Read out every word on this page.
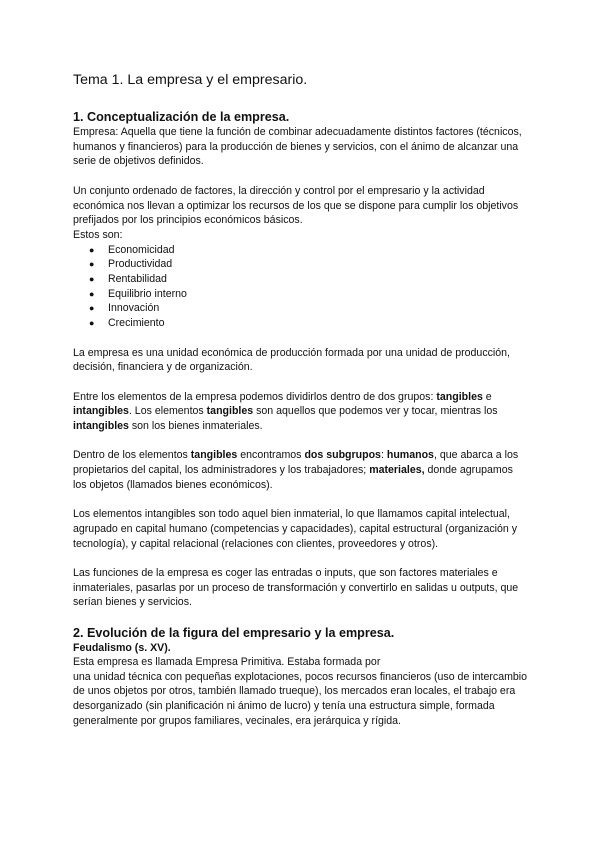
Tema 1. La empresa y el empresario.
1. Conceptualización de la empresa.

Empresa: Aquella que tiene la función de combinar adecuadamente distintos factores (técnicos, humanos y financieros) para la producción de bienes y servicios, con el ánimo de alcanzar una serie de objetivos definidos.

Un conjunto ordenado de factores, la dirección y control por el empresario y la actividad económica nos llevan a optimizar los recursos de los que se dispone para cumplir los objetivos prefijados por los principios económicos básicos.

Estos son:

● Economicidad
● Productividad
● Rentabilidad
● Equilibrio interno
● Innovación
● Crecimiento

La empresa es una unidad económica de producción formada por una unidad de producción, decisión, financiera y de organización.

Entre los elementos de la empresa podemos dividirlos dentro de dos grupos: tangibles e intangibles. Los elementos tangibles son aquellos que podemos ver y tocar, mientras los intangibles son los bienes inmateriales.

Dentro de los elementos tangibles encontramos dos subgrupos: humanos, que abarca a los propietarios del capital, los administradores y los trabajadores; materiales, donde agrupamos los objetos (llamados bienes económicos).

Los elementos intangibles son todo aquel bien inmaterial, lo que llamamos capital intelectual, agrupado en capital humano (competencias y capacidades), capital estructural (organización y tecnología), y capital relacional (relaciones con clientes, proveedores y otros).

Las funciones de la empresa es coger las entradas o inputs, que son factores materiales e inmateriales, pasarlas por un proceso de transformación y convertirlo en salidas u outputs, que serían bienes y servicios.

2. Evolución de la figura del empresario y la empresa.
Feudalismo (s. XV).

Esta empresa es llamada Empresa Primitiva. Estaba formada por

una unidad técnica con pequeñas explotaciones, pocos recursos financieros (uso de intercambio de unos objetos por otros, también llamado trueque), los mercados eran locales, el trabajo era desorganizado (sin planificación ni ánimo de lucro) y tenía una estructura simple, formada generalmente por grupos familiares, vecinales, era jerárquica y rígida.
